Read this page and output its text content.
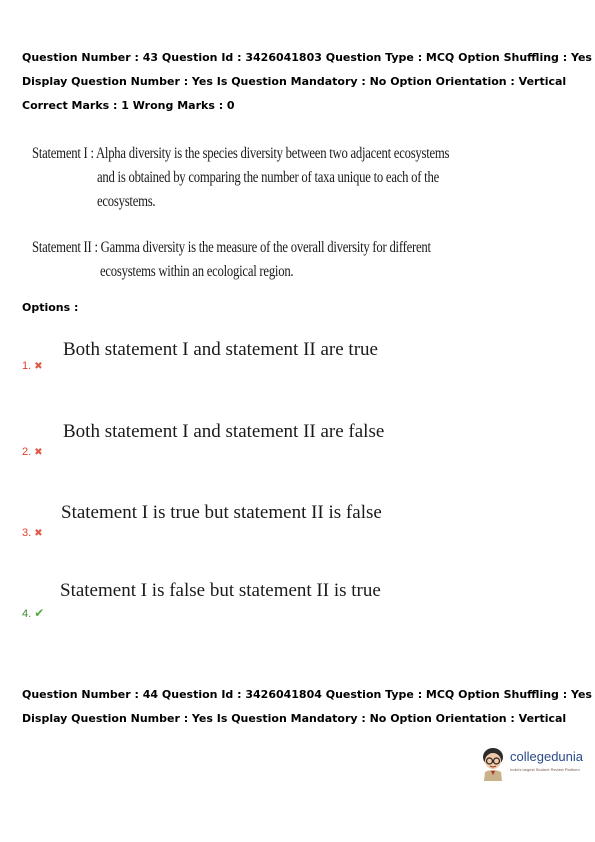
Question Number : 43 Question Id : 3426041803 Question Type : MCQ Option Shuffling : Yes
Display Question Number : Yes Is Question Mandatory : No Option Orientation : Vertical
Correct Marks : 1 Wrong Marks : 0
Statement I : Alpha diversity is the species diversity between two adjacent ecosystems
and is obtained by comparing the number of taxa unique to each of the
ecosystems.
Statement II : Gamma diversity is the measure of the overall diversity for different
ecosystems within an ecological region.
Options :
Both statement I and statement II are true
1. ✖
Both statement I and statement II are false
2. ✖
Statement I is true but statement II is false
3. ✖
Statement I is false but statement II is true
4. ✔
Question Number : 44 Question Id : 3426041804 Question Type : MCQ Option Shuffling : Yes
Display Question Number : Yes Is Question Mandatory : No Option Orientation : Vertical
collegedunia
India's largest Student Review Platform
